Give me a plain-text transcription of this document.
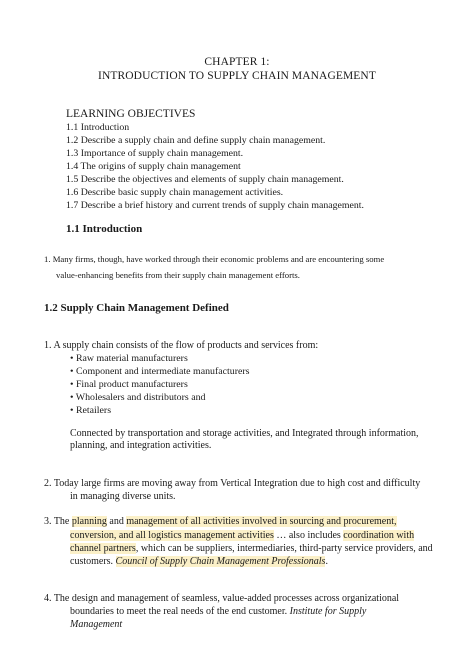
CHAPTER 1:
INTRODUCTION TO SUPPLY CHAIN MANAGEMENT
LEARNING OBJECTIVES
1.1 Introduction
1.2 Describe a supply chain and define supply chain management.
1.3 Importance of supply chain management.
1.4 The origins of supply chain management
1.5 Describe the objectives and elements of supply chain management.
1.6 Describe basic supply chain management activities.
1.7 Describe a brief history and current trends of supply chain management.
1.1 Introduction
1. Many firms, though, have worked through their economic problems and are encountering some
value-enhancing benefits from their supply chain management efforts.
1.2 Supply Chain Management Defined
1. A supply chain consists of the flow of products and services from:
• Raw material manufacturers
• Component and intermediate manufacturers
• Final product manufacturers
• Wholesalers and distributors and
• Retailers
Connected by transportation and storage activities, and Integrated through information,
planning, and integration activities.
2. Today large firms are moving away from Vertical Integration due to high cost and difficulty
in managing diverse units.
3. The planning and management of all activities involved in sourcing and procurement,
conversion, and all logistics management activities … also includes coordination with
channel partners, which can be suppliers, intermediaries, third-party service providers, and
customers. Council of Supply Chain Management Professionals.
4. The design and management of seamless, value-added processes across organizational
boundaries to meet the real needs of the end customer. Institute for Supply
Management
